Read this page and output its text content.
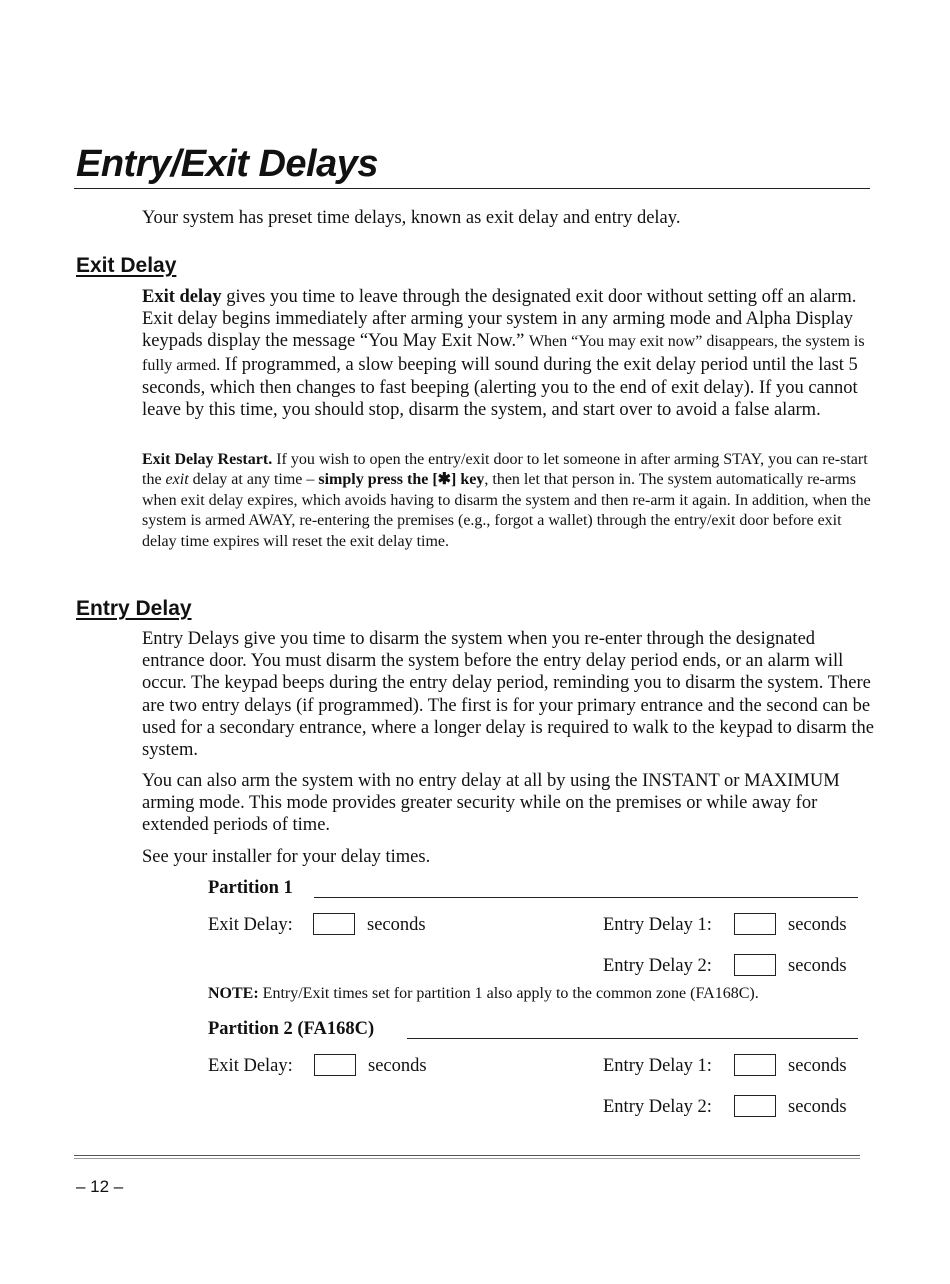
Entry/Exit Delays

Your system has preset time delays, known as exit delay and entry delay.

Exit Delay

Exit delay gives you time to leave through the designated exit door without setting off an alarm. Exit delay begins immediately after arming your system in any arming mode and Alpha Display keypads display the message “You May Exit Now.” When “You may exit now” disappears, the system is fully armed. If programmed, a slow beeping will sound during the exit delay period until the last 5 seconds, which then changes to fast beeping (alerting you to the end of exit delay). If you cannot leave by this time, you should stop, disarm the system, and start over to avoid a false alarm.

Exit Delay Restart. If you wish to open the entry/exit door to let someone in after arming STAY, you can re-start the exit delay at any time – simply press the [✱] key, then let that person in. The system automatically re-arms when exit delay expires, which avoids having to disarm the system and then re-arm it again. In addition, when the system is armed AWAY, re-entering the premises (e.g., forgot a wallet) through the entry/exit door before exit delay time expires will reset the exit delay time.

Entry Delay

Entry Delays give you time to disarm the system when you re-enter through the designated entrance door. You must disarm the system before the entry delay period ends, or an alarm will occur. The keypad beeps during the entry delay period, reminding you to disarm the system. There are two entry delays (if programmed). The first is for your primary entrance and the second can be used for a secondary entrance, where a longer delay is required to walk to the keypad to disarm the system.

You can also arm the system with no entry delay at all by using the INSTANT or MAXIMUM arming mode. This mode provides greater security while on the premises or while away for extended periods of time.

See your installer for your delay times.

Partition 1
Exit Delay:	seconds	Entry Delay 1:	seconds
Entry Delay 2:	seconds
NOTE: Entry/Exit times set for partition 1 also apply to the common zone (FA168C).
Partition 2 (FA168C)
Exit Delay:	seconds	Entry Delay 1:	seconds
Entry Delay 2:	seconds
– 12 –
